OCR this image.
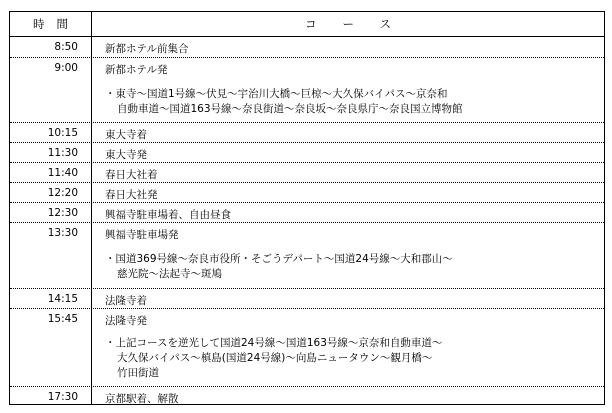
時間	コース
8:50	新都ホテル前集合
9:00	新都ホテル発
・東寺～国道1号線～伏見～宇治川大橋～巨椋～大久保バイパス～京奈和
自動車道～国道163号線～奈良街道～奈良坂～奈良県庁～奈良国立博物館
10:15	東大寺着
11:30	東大寺発
11:40	春日大社着
12:20	春日大社発
12:30	興福寺駐車場着、自由昼食
13:30	興福寺駐車場発
・国道369号線～奈良市役所・そごうデパート～国道24号線～大和郡山～
慈光院～法起寺～斑鳩
14:15	法隆寺着
15:45	法隆寺発
・上記コースを逆光して国道24号線～国道163号線～京奈和自動車道～
大久保バイパス～槙島(国道24号線)～向島ニュータウン～観月橋～
竹田街道
17:30	京都駅着、解散
